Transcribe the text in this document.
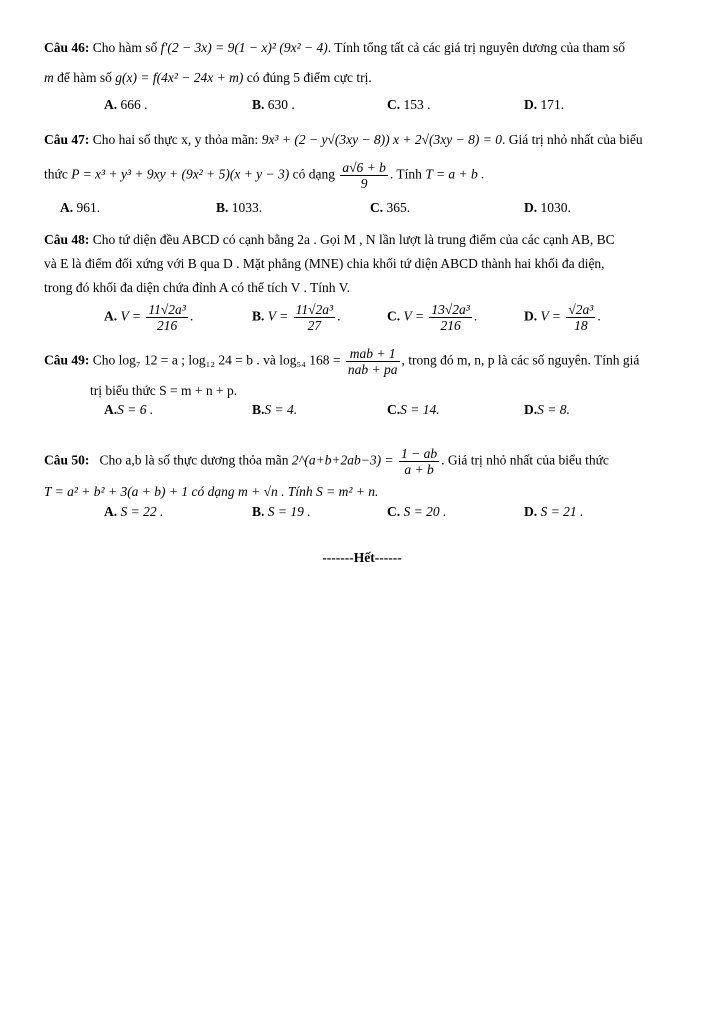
Câu 46: Cho hàm số f′(2 − 3x) = 9(1 − x)² (9x² − 4). Tính tổng tất cả các giá trị nguyên dương của tham số
m để hàm số g(x) = f(4x² − 24x + m) có đúng 5 điểm cực trị.
A. 666 .	B. 630 .	C. 153 .	D. 171.
Câu 47: Cho hai số thực x, y thỏa mãn: 9x³ + (2 − y√(3xy − 8)) x + 2√(3xy − 8) = 0. Giá trị nhỏ nhất của biểu
thức P = x³ + y³ + 9xy + (9x² + 5)(x + y − 3) có dạng $\frac{a√6 + b}{9}$ . Tính T = a + b .
A. 961.	B. 1033.	C. 365.	D. 1030.
Câu 48: Cho tứ diện đều ABCD có cạnh bằng 2a . Gọi M , N lần lượt là trung điểm của các cạnh AB, BC
và E là điểm đối xứng với B qua D . Mặt phẳng (MNE) chia khối tứ diện ABCD thành hai khối đa diện,
trong đó khối đa diện chứa đỉnh A có thể tích V . Tính V.
A. $V = \frac{\text{11√2a³}}{216}$ .	B. $V = \frac{\text{11√2a³}}{27}$ .	C. $V = \frac{\text{13√2a³}}{216}$ .	D. $V = \frac{\text{√2a³}}{18}$ .
Câu 49: Cho log₇ 12 = a ; log₁₂ 24 = b . và log₅₄ $168 = \frac{\text{mab + 1}}{\text{nab + pa}}$ , trong đó m, n, p là các số nguyên. Tính giá
trị biểu thức S = m + n + p.
A.S = 6 .	B.S = 4.	C.S = 14.	D.S = 8.
Câu 50: Cho a,b là số thực dương thỏa mãn 2^(a+b+2ab−3) = $\frac{1 - ab}{a + b}$ . Giá trị nhỏ nhất của biểu thức
T = a² + b² + 3(a + b) + 1 có dạng m + √n . Tính S = m² + n.
A. S = 22 .	B. S = 19 .	C. S = 20 .	D. S = 21 .
-------Hết------
